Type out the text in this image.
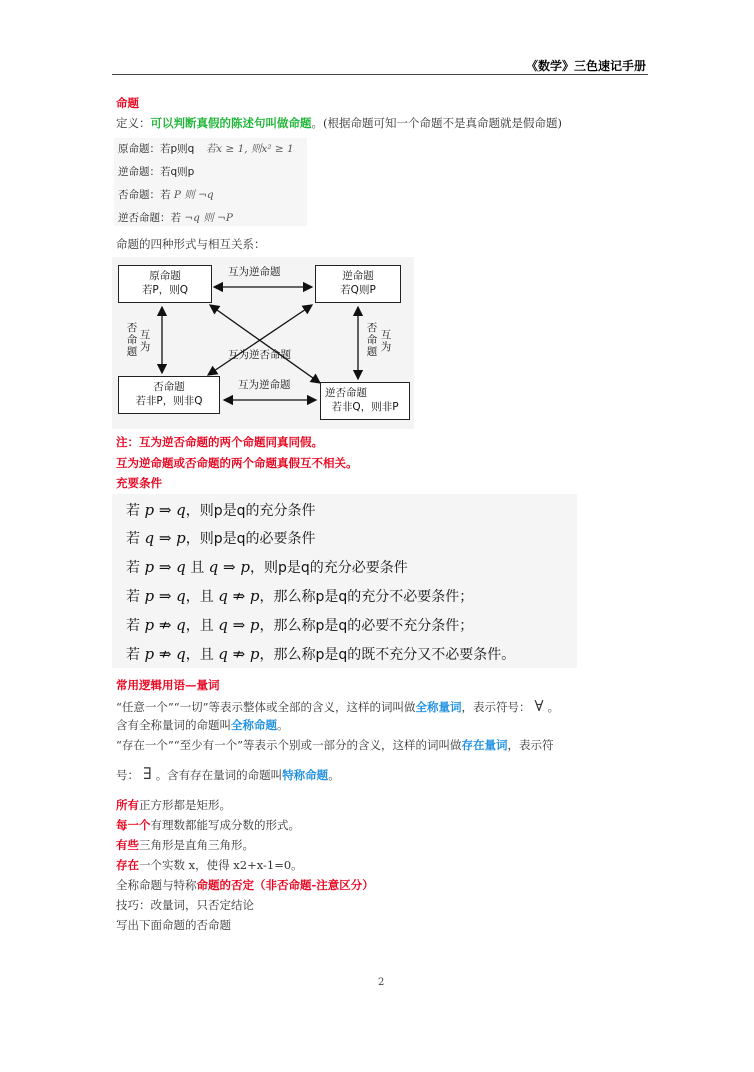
《数学》三色速记手册
命题
定义：可以判断真假的陈述句叫做命题。(根据命题可知一个命题不是真命题就是假命题)
原命题：若p则q 若x ≥ 1, 则x² ≥ 1
逆命题：若q则p
否命题：若 P 则 ¬q
逆否命题：若 ¬q 则 ¬P
命题的四种形式与相互关系：
原命题
若P，则Q
逆命题
若Q则P
否命题
若非P，则非Q
逆否命题
若非Q，则非P
互为逆命题
互为逆命题
互为逆否命题
否命题
互为
否命题
互为
注：互为逆否命题的两个命题同真同假。
互为逆命题或否命题的两个命题真假互不相关。
充要条件
若 p ⇒ q，则p是q的充分条件
若 q ⇒ p，则p是q的必要条件
若 p ⇒ q 且 q ⇒ p，则p是q的充分必要条件
若 p ⇒ q，且 q ⇏ p，那么称p是q的充分不必要条件；
若 p ⇏ q，且 q ⇒ p，那么称p是q的必要不充分条件；
若 p ⇏ q，且 q ⇏ p，那么称p是q的既不充分又不必要条件。
常用逻辑用语—量词
“任意一个”“一切”等表示整体或全部的含义，这样的词叫做全称量词，表示符号： ∀ 。
含有全称量词的命题叫全称命题。
“存在一个”“至少有一个”等表示个别或一部分的含义，这样的词叫做存在量词，表示符
号： ∃ 。含有存在量词的命题叫特称命题。
所有正方形都是矩形。
每一个有理数都能写成分数的形式。
有些三角形是直角三角形。
存在一个实数 x，使得 x2+x-1=0。
全称命题与特称命题的否定（非否命题-注意区分）
技巧：改量词，只否定结论
写出下面命题的否命题
2
